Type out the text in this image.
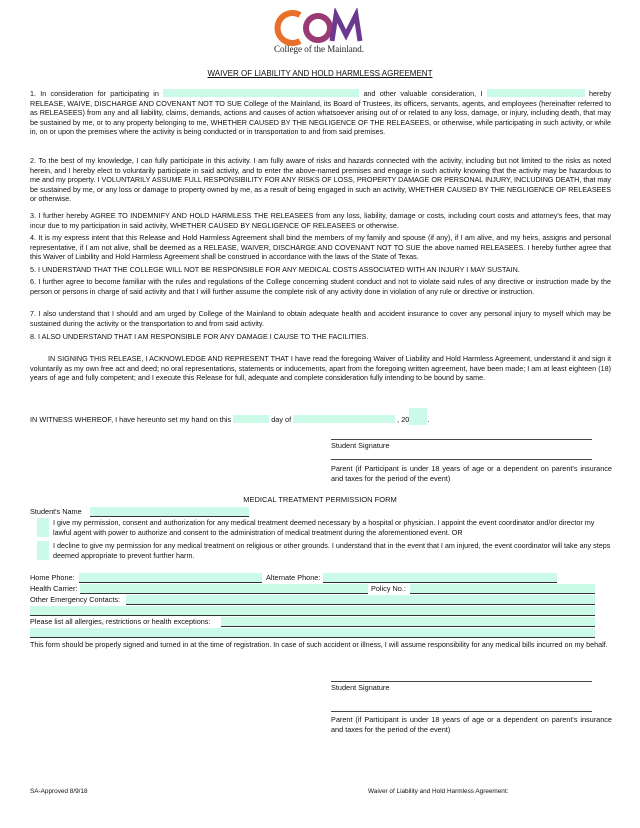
College of the Mainland.
WAIVER OF LIABILITY AND HOLD HARMLESS AGREEMENT

1. In consideration for participating in	and other valuable consideration, I	hereby RELEASE, WAIVE, DISCHARGE AND COVENANT NOT TO SUE College of the Mainland, its Board of Trustees, its officers, servants, agents, and employees (hereinafter referred to as RELEASEES) from any and all liability, claims, demands, actions and causes of action whatsoever arising out of or related to any loss, damage, or injury, including death, that may be sustained by me, or to any property belonging to me, WHETHER CAUSED BY THE NEGLIGENCE OF THE RELEASEES, or otherwise, while participating in such activity, or while in, on or upon the premises where the activity is being conducted or in transportation to and from said premises.

2. To the best of my knowledge, I can fully participate in this activity. I am fully aware of risks and hazards connected with the activity, including but not limited to the risks as noted herein, and I hereby elect to voluntarily participate in said activity, and to enter the above-named premises and engage in such activity knowing that the activity may be hazardous to me and my property. I VOLUNTARILY ASSUME FULL RESPONSIBILITY FOR ANY RISKS OF LOSS, PROPERTY DAMAGE OR PERSONAL INJURY, INCLUDING DEATH, that may be sustained by me, or any loss or damage to property owned by me, as a result of being engaged in such an activity, WHETHER CAUSED BY THE NEGLIGENCE OF RELEASEES or otherwise.

3. I further hereby AGREE TO INDEMNIFY AND HOLD HARMLESS THE RELEASEES from any loss, liability, damage or costs, including court costs and attorney's fees, that may incur due to my participation in said activity, WHETHER CAUSED BY NEGLIGENCE OF RELEASEES or otherwise.

4. It is my express intent that this Release and Hold Harmless Agreement shall bind the members of my family and spouse (if any), if I am alive, and my heirs, assigns and personal representative, if I am not alive, shall be deemed as a RELEASE, WAIVER, DISCHARGE AND COVENANT NOT TO SUE the above named RELEASEES. I hereby further agree that this Waiver of Liability and Hold Harmless Agreement shall be construed in accordance with the laws of the State of Texas.

5. I UNDERSTAND THAT THE COLLEGE WILL NOT BE RESPONSIBLE FOR ANY MEDICAL COSTS ASSOCIATED WITH AN INJURY I MAY SUSTAIN.

6. I further agree to become familiar with the rules and regulations of the College concerning student conduct and not to violate said rules of any directive or instruction made by the person or persons in charge of said activity and that I will further assume the complete risk of any activity done in violation of any rule or directive or instruction.

7. I also understand that I should and am urged by College of the Mainland to obtain adequate health and accident insurance to cover any personal injury to myself which may be sustained during the activity or the transportation to and from said activity.

8. I ALSO UNDERSTAND THAT I AM RESPONSIBLE FOR ANY DAMAGE I CAUSE TO THE FACILITIES.

IN SIGNING THIS RELEASE, I ACKNOWLEDGE AND REPRESENT THAT I have read the foregoing Waiver of Liability and Hold Harmless Agreement, understand it and sign it voluntarily as my own free act and deed; no oral representations, statements or inducements, apart from the foregoing written agreement, have been made; I am at least eighteen (18) years of age and fully competent; and I execute this Release for full, adequate and complete consideration fully intending to be bound by same.

IN WITNESS WHEREOF, I have hereunto set my hand on this	day of	, 20 .
Student Signature
Parent (if Participant is under 18 years of age or a dependent on parent's insurance and taxes for the period of the event)
MEDICAL TREATMENT PERMISSION FORM
Student's Name
I give my permission, consent and authorization for any medical treatment deemed necessary by a hospital or physician. I appoint the event coordinator and/or director my lawful agent with power to authorize and consent to the administration of medical treatment during the aforementioned event. OR
I decline to give my permission for any medical treatment on religious or other grounds. I understand that in the event that I am injured, the event coordinator will take any steps deemed appropriate to prevent further harm.
Home Phone:	Alternate Phone:
Health Carrier:	Policy No.:
Other Emergency Contacts:
Please list all allergies, restrictions or health exceptions:

This form should be properly signed and turned in at the time of registration. In case of such accident or illness, I will assume responsibility for any medical bills incurred on my behalf.

Student Signature
Parent (if Participant is under 18 years of age or a dependent on parent's insurance and taxes for the period of the event)
SA-Approved 8/9/18	Waiver of Liability and Hold Harmless Agreement:
